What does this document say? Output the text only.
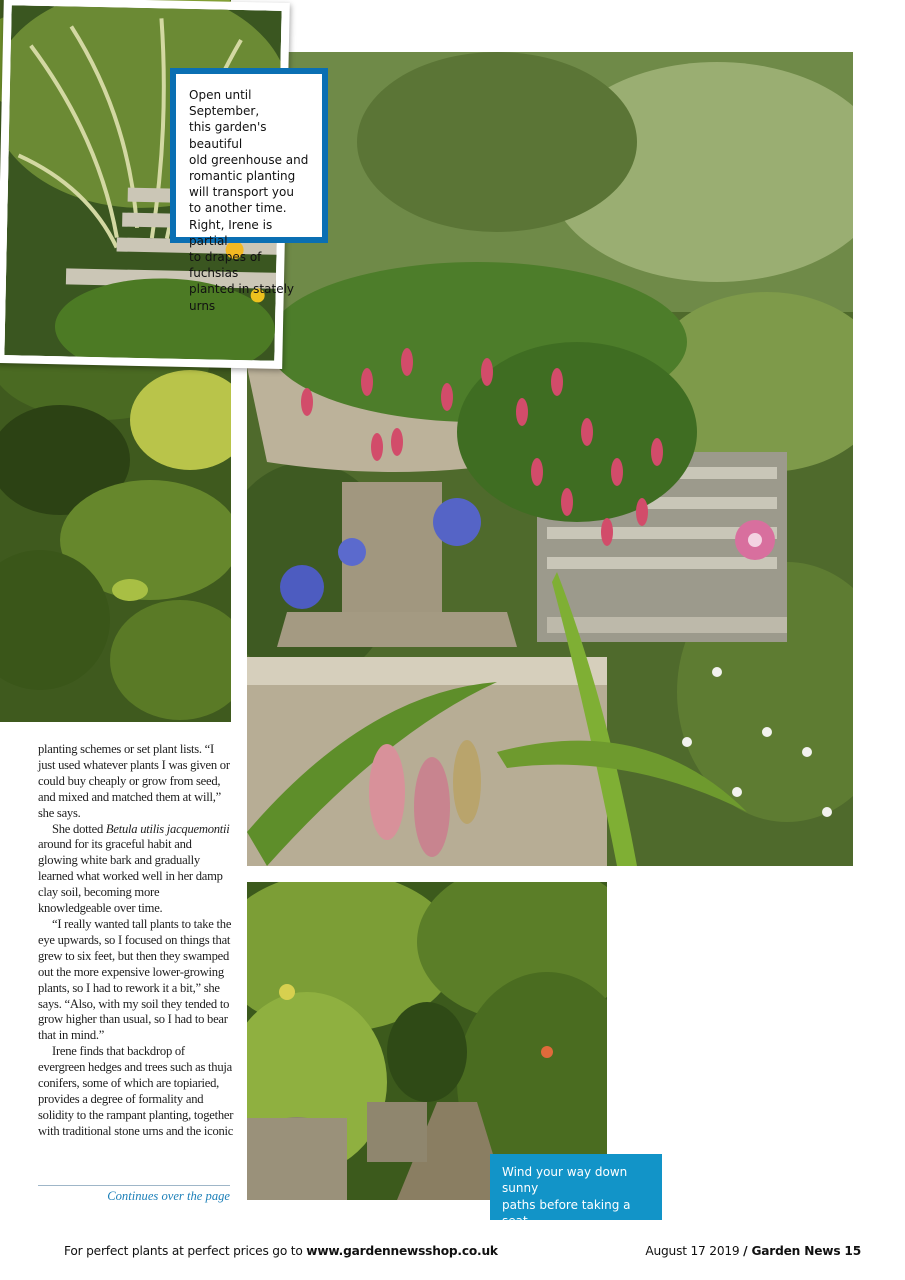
Open until September,
this garden's beautiful
old greenhouse and
romantic planting
will transport you
to another time.
Right, Irene is partial
to drapes of fuchsias
planted in stately urns

planting schemes or set plant lists. “I just used whatever plants I was given or could buy cheaply or grow from seed, and mixed and matched them at will,” she says.

She dotted Betula utilis jacquemontii around for its graceful habit and glowing white bark and gradually learned what worked well in her damp clay soil, becoming more knowledgeable over time.

“I really wanted tall plants to take the eye upwards, so I focused on things that grew to six feet, but then they swamped out the more expensive lower-growing plants, so I had to rework it a bit,” she says. “Also, with my soil they tended to grow higher than usual, so I had to bear that in mind.”

Irene finds that backdrop of evergreen hedges and trees such as thuja conifers, some of which are topiaried, provides a degree of formality and solidity to the rampant planting, together with traditional stone urns and the iconic

Continues over the page
Wind your way down sunny
paths before taking a seat
to survey the lush planting
For perfect plants at perfect prices go to www.gardennewsshop.co.uk	August 17 2019 / Garden News 15
